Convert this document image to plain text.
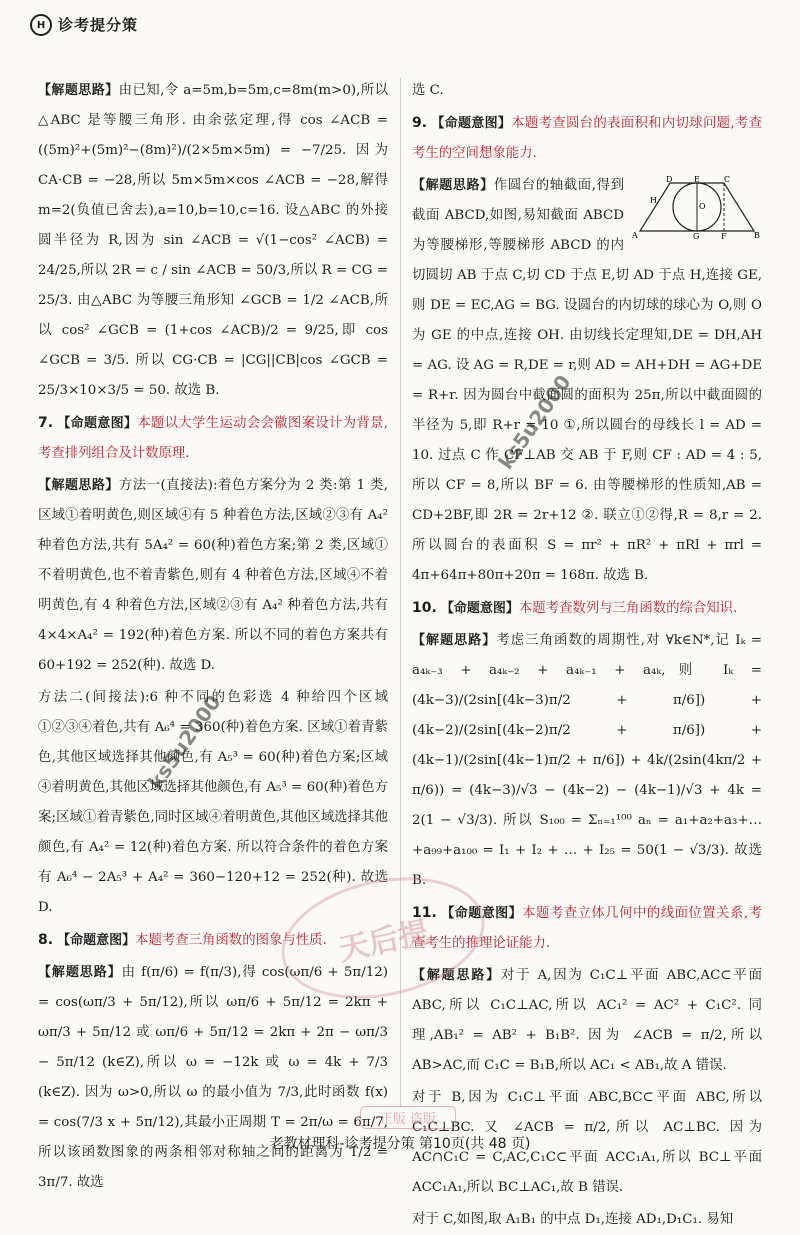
H 诊考提分策

【解题思路】由已知,令 a=5m,b=5m,c=8m(m>0),所以△ABC 是等腰三角形. 由余弦定理,得 cos ∠ACB = ((5m)²+(5m)²−(8m)²)/(2×5m×5m) = −7/25. 因为 CA·CB = −28,所以 5m×5m×cos ∠ACB = −28,解得 m=2(负值已舍去),a=10,b=10,c=16. 设△ABC 的外接圆半径为 R,因为 sin ∠ACB = √(1−cos² ∠ACB) = 24/25,所以 2R = c / sin ∠ACB = 50/3,所以 R = CG = 25/3. 由△ABC 为等腰三角形知 ∠GCB = 1/2 ∠ACB,所以 cos² ∠GCB = (1+cos ∠ACB)/2 = 9/25,即 cos ∠GCB = 3/5. 所以 CG·CB = |CG||CB|cos ∠GCB = 25/3×10×3/5 = 50. 故选 B.

7. 【命题意图】本题以大学生运动会会徽图案设计为背景,考查排列组合及计数原理.

【解题思路】方法一(直接法):着色方案分为 2 类:第 1 类,区域①着明黄色,则区域④有 5 种着色方法,区域②③有 A₄² 种着色方法,共有 5A₄² = 60(种)着色方案;第 2 类,区域①不着明黄色,也不着青紫色,则有 4 种着色方法,区域④不着明黄色,有 4 种着色方法,区域②③有 A₄² 种着色方法,共有 4×4×A₄² = 192(种)着色方案. 所以不同的着色方案共有 60+192 = 252(种). 故选 D.

方法二(间接法):6 种不同的色彩选 4 种给四个区域①②③④着色,共有 A₆⁴ = 360(种)着色方案. 区域①着青紫色,其他区域选择其他颜色,有 A₅³ = 60(种)着色方案;区域④着明黄色,其他区域选择其他颜色,有 A₅³ = 60(种)着色方案;区域①着青紫色,同时区域④着明黄色,其他区域选择其他颜色,有 A₄² = 12(种)着色方案. 所以符合条件的着色方案有 A₆⁴ − 2A₅³ + A₄² = 360−120+12 = 252(种). 故选 D.

8. 【命题意图】本题考查三角函数的图象与性质.

【解题思路】由 f(π/6) = f(π/3),得 cos(ωπ/6 + 5π/12) = cos(ωπ/3 + 5π/12),所以 ωπ/6 + 5π/12 = 2kπ + ωπ/3 + 5π/12 或 ωπ/6 + 5π/12 = 2kπ + 2π − ωπ/3 − 5π/12 (k∈Z),所以 ω = −12k 或 ω = 4k + 7/3 (k∈Z). 因为 ω>0,所以 ω 的最小值为 7/3,此时函数 f(x) = cos(7/3 x + 5π/12),其最小正周期 T = 2π/ω = 6π/7,所以该函数图象的两条相邻对称轴之间的距离为 T/2 = 3π/7. 故选

选 C.

9. 【命题意图】本题考查圆台的表面积和内切球问题,考查考生的空间想象能力.

D	E	C
H
O
A	G	F	B

【解题思路】作圆台的轴截面,得到截面 ABCD,如图,易知截面 ABCD 为等腰梯形,等腰梯形 ABCD 的内切圆切 AB 于点 C,切 CD 于点 E,切 AD 于点 H,连接 GE,则 DE = EC,AG = BG. 设圆台的内切球的球心为 O,则 O 为 GE 的中点,连接 OH. 由切线长定理知,DE = DH,AH = AG. 设 AG = R,DE = r,则 AD = AH+DH = AG+DE = R+r. 因为圆台中截面圆的面积为 25π,所以中截面圆的半径为 5,即 R+r = 10 ①,所以圆台的母线长 l = AD = 10. 过点 C 作 CF⊥AB 交 AB 于 F,则 CF : AD = 4 : 5,所以 CF = 8,所以 BF = 6. 由等腰梯形的性质知,AB = CD+2BF,即 2R = 2r+12 ②. 联立①②得,R = 8,r = 2. 所以圆台的表面积 S = πr² + πR² + πRl + πrl = 4π+64π+80π+20π = 168π. 故选 B.

10. 【命题意图】本题考查数列与三角函数的综合知识.

【解题思路】考虑三角函数的周期性,对 ∀k∈N*,记 Iₖ = a₄ₖ₋₃ + a₄ₖ₋₂ + a₄ₖ₋₁ + a₄ₖ,则 Iₖ = (4k−3)/(2sin[(4k−3)π/2 + π/6]) + (4k−2)/(2sin[(4k−2)π/2 + π/6]) + (4k−1)/(2sin[(4k−1)π/2 + π/6]) + 4k/(2sin(4kπ/2 + π/6)) = (4k−3)/√3 − (4k−2) − (4k−1)/√3 + 4k = 2(1 − √3/3). 所以 S₁₀₀ = Σₙ₌₁¹⁰⁰ aₙ = a₁+a₂+a₃+…+a₉₉+a₁₀₀ = I₁ + I₂ + … + I₂₅ = 50(1 − √3/3). 故选 B.

11. 【命题意图】本题考查立体几何中的线面位置关系,考查考生的推理论证能力.

【解题思路】对于 A,因为 C₁C⊥平面 ABC,AC⊂平面 ABC,所以 C₁C⊥AC,所以 AC₁² = AC² + C₁C². 同理,AB₁² = AB² + B₁B². 因为 ∠ACB = π/2,所以 AB>AC,而 C₁C = B₁B,所以 AC₁ < AB₁,故 A 错误.

对于 B,因为 C₁C⊥平面 ABC,BC⊂平面 ABC,所以 C₁C⊥BC. 又 ∠ACB = π/2,所以 AC⊥BC. 因为 AC∩C₁C = C,AC,C₁C⊂平面 ACC₁A₁,所以 BC⊥平面 ACC₁A₁,所以 BC⊥AC₁,故 B 错误.

对于 C,如图,取 A₁B₁ 的中点 D₁,连接 AD₁,D₁C₁. 易知

ks5u2000
ks5u2000
天后提
正版 盗版
老教材理科-诊考提分策 第10页(共 48 页)
